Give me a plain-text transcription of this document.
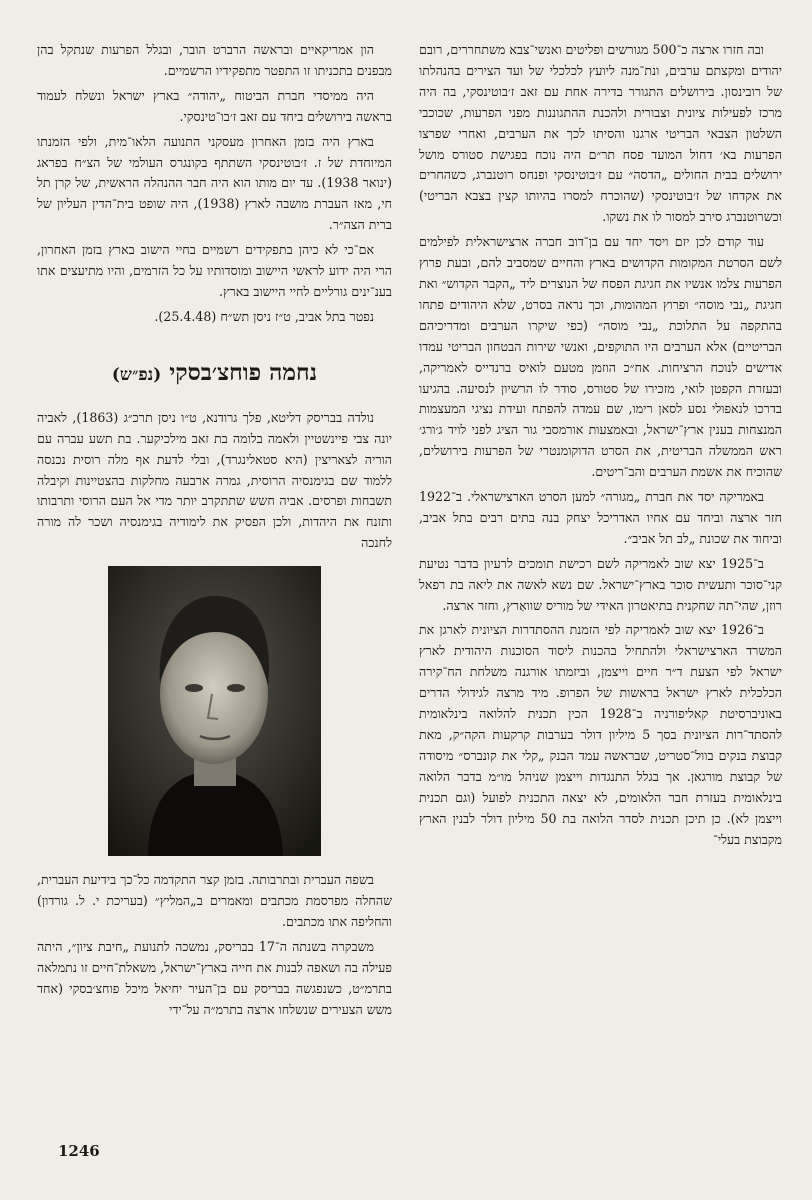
ובה חזרו ארצה כ־500 מגורשים ופליטים ואנשי־צבא משתחררים, רובם יהודים ומקצתם ערבים, ונת־מנה ליועץ לכלכלי של ועד הצירים בהנהלתו של רובינסון. בירושלים התגורר בדירה אחת עם זאב ז׳בוטינסקי, בה היה מרכז לפעילות ציונית וצבורית ולהכנת ההתגוננות מפני הפרעות, שכוכבי השלטון הצבאי הבריטי ארגנו והסיתו לכך את הערבים, ואחרי שפרצו הפרעות בא׳ דחול המועד פסח תר״ם היה נוכח בפגישת סטורס מושל ירושלים בבית החולים „הדסה״ עם ז׳בוטינסקי ופנחס רוטנברג, כשהחרים את אקדחו של ז׳בוטינסקי (שהוכרח למסרו בהיותו קצין בצבא הבריטי) וכשרוטנברג סירב למסור לו את נשקו.

עוד קודם לכן יזם ויסד יחד עם בן־דוב חברה ארצישראלית לפילמים לשם הסרטת המקומות הקדושים בארץ והחיים שמסביב להם, ובעת פרוץ הפרעות צלמו אנשיו את חגיגת הפסח של הנוצרים ליד „הקבר הקדוש״ ואת חגיגת „נבי מוסה״ ופרוץ המהומות, וכך נראה בסרט, שלא היהודים פתחו בהתקפה על התלוכת „נבי מוסה״ (כפי שיקרו הערבים ומדריכיהם הבריטיים) אלא הערבים היו התוקפים, ואנשי שירות הבטחון הבריטי עמדו אדישים לנוכח הרציחות. אח״כ הוזמן מטעם לואיס ברנדייס לאמריקה, ובעזרת הקפטן לואי, מזכירו של סטורס, סודר לו הרשיון לנסיעה. בהגיעו בדרכו לנאפולי נסע לסאן רימו, שם עמדה להפתח ועידת נציגי המעצמות המנצחות בענין ארץ־ישראל, ובאמצעות אורמסבי גור הציג לפני לויד ג׳ורג׳ ראש הממשלה הבריטית, את הסרט הדוקומנטרי של הפרעות בירושלים, שהוכיח את אשמת הערבים והב־ריטים.

באמריקה יסד את חברת „מגורה״ למען הסרט הארצישראלי. ב־1922 חזר ארצה וביחד עם אחיו האדריכל יצחק בנה בתים רבים בתל אביב, וביחוד את שכונת „לב תל אביב״.

ב־1925 יצא שוב לאמריקה לשם רכישת תומכים לרעיון בדבר נטיעת קני־סוכר ותעשית סוכר בארץ־ישראל. שם נשא לאשה את ליאה בת רפאל רוזן, שהי־תה שחקנית בתיאטרון האידי של מוריס שוואַרץ, וחזר ארצה.

ב־1926 יצא שוב לאמריקה לפי הזמנת ההסתדרות הציונית לארגן את המשרד הארצישראלי ולהתחיל בהכנות ליסוד הסוכנות היהודית לארץ ישראל לפי הצעת ד״ר חיים וייצמן, וביזמתו אורגנה משלחת הח־קירה הכלכלית לארץ ישראל בראשות של הפרופ. מיד מרצה לגידולי הדרים באוניברסיטת קאליפורניה ב־1928 הכין תכנית להלואה בינלאומית להסתד־רות הציונית בסך 5 מיליון דולר בערבות קרקעות הקה״ק, מאת קבוצת בנקים בוול־סטריט, שבראשה עמד הבנק „קלי את קונברס״ מיסודה של קבוצת מורגאן. אך בגלל התנגדות וייצמן שניהל מו״מ בדבר הלואה בינלאומית בעזרת חבר הלאומים, לא יצאה התכנית לפועל (וגם תכנית וייצמן לא). כן תיכן תכנית לסדר הלואה בת 50 מיליון דולר לבנין הארץ מקבוצת בעלי־

הון אמריקאיים ובראשה הרברט הובר, ובגלל הפרעות שנתקל בהן מבפנים בתכניתו זו התפטר מתפקידיו הרשמיים.

היה ממיסדי חברת הביטוח „יהודה״ בארץ ישראל ונשלח לעמוד בראשה בירושלים ביחד עם זאב ז׳בו־טינסקי.

בארץ היה בזמן האחרון מעסקני התנועה הלאו־מית, ולפי הזמנתו המיוחדת של ז. ז׳בוטינסקי השתתף בקונגרס העולמי של הצ״ח בפראג (ינואר 1938). עד יום מותו הוא היה חבר ההנהלה הראשית, של קרן תל חי, מאז העברת מושבה לארץ (1938), היה שופט בית־הדין העליון של ברית הצה״ר.

אם־כי לא כיהן בתפקידים רשמיים בחיי הישוב בארץ בזמן האחרון, הרי היה ידוע לראשי היישוב ומוסדותיו על כל הזרמים, והיו מתיעצים אתו בענ־ינים גורליים לחיי היישוב בארץ.

נפטר בתל אביב, ט״ז ניסן תש״ח (25.4.48).

נחמה פוחצ׳בסקי (נפ״ש)

נולדה בבריסק דליטא, פלך גרודנא, ט״ו ניסן תרכ״ג (1863), לאביה יונה צבי פיינשטיין ולאמה בלומה בת זאב מילכיקער. בת תשע עברה עם הוריה לצאריצין (היא סטאלינגרד), ובלי לדעת אף מלה רוסית נכנסה ללמוד שם בגימנסיה הרוסית, גמרה ארבעה מחלקות בהצטיינות וקיבלה תשבחות ופרסים. אביה חשש שתתקרב יותר מדי אל העם הרוסי ותרבותו ותזנח את היהדות, ולכן הפסיק את לימודיה בגימנסיה ושכר לה מורה לחנכה

בשפה העברית ובתרבותה. בזמן קצר התקדמה כל־כך בידיעת העברית, שהחלה מפרסמת מכתבים ומאמרים ב„המליץ״ (בעריכת י. ל. גורדון) והחליפה אתו מכתבים.

משבקרה בשנתה ה־17 בבריסק, נמשכה לתנועת „חיבת ציון״, היתה פעילה בה ושאפה לבנות את חייה בארץ־ישראל, משאלת־חיים זו נתמלאה בתרמ״ט, כשנפגשה בבריסק עם בן־העיר יחיאל מיכל פוחצ׳בסקי (אחד משש הצעירים שנשלחו ארצה בתרמ״ה על־ידי

1246
